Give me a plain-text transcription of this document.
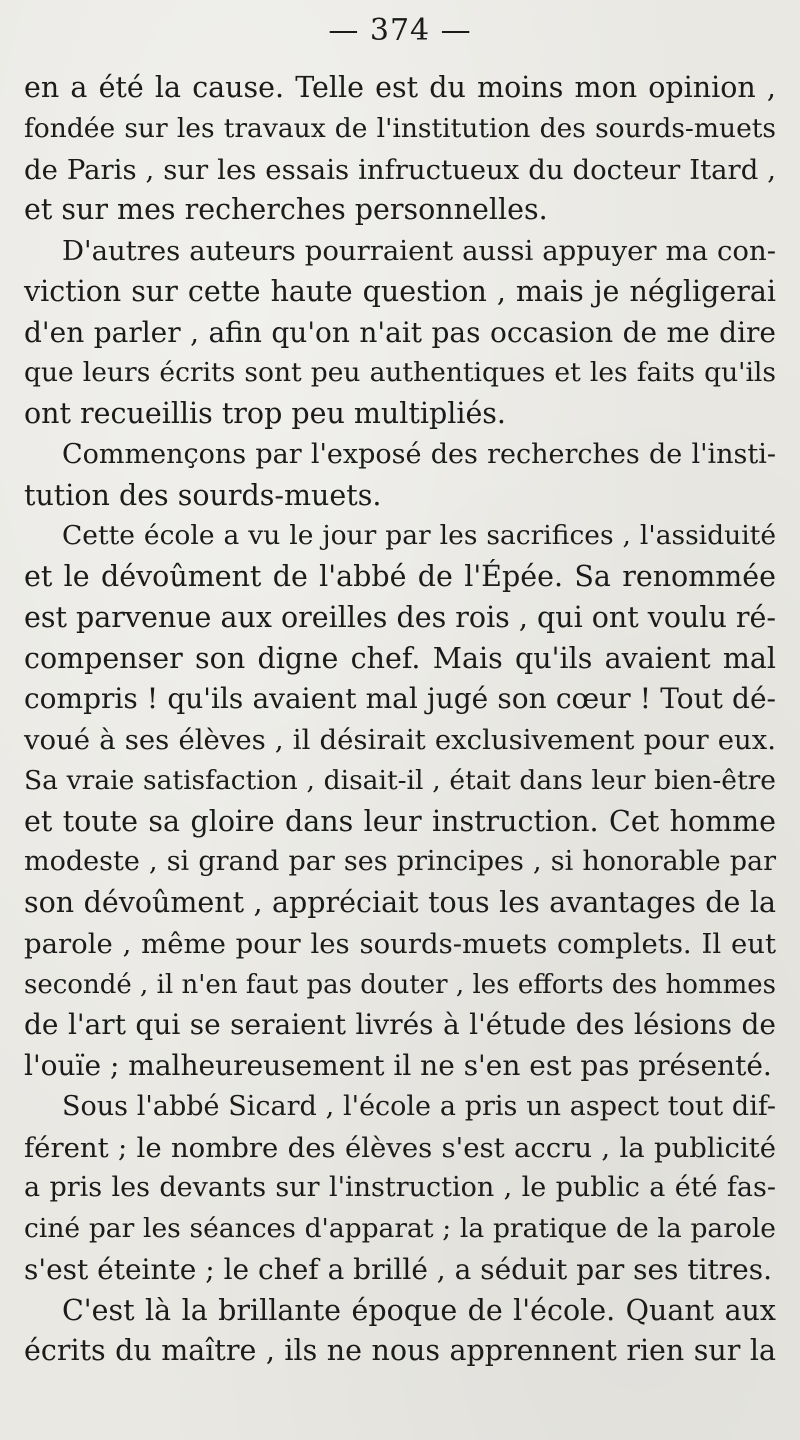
— 374 —
en a été la cause. Telle est du moins mon opinion ,
fondée sur les travaux de l'institution des sourds-muets
de Paris , sur les essais infructueux du docteur Itard ,
et sur mes recherches personnelles.
D'autres auteurs pourraient aussi appuyer ma con-
viction sur cette haute question , mais je négligerai
d'en parler , afin qu'on n'ait pas occasion de me dire
que leurs écrits sont peu authentiques et les faits qu'ils
ont recueillis trop peu multipliés.
Commençons par l'exposé des recherches de l'insti-
tution des sourds-muets.
Cette école a vu le jour par les sacrifices , l'assiduité
et le dévoûment de l'abbé de l'Épée. Sa renommée
est parvenue aux oreilles des rois , qui ont voulu ré-
compenser son digne chef. Mais qu'ils avaient mal
compris ! qu'ils avaient mal jugé son cœur ! Tout dé-
voué à ses élèves , il désirait exclusivement pour eux.
Sa vraie satisfaction , disait-il , était dans leur bien-être
et toute sa gloire dans leur instruction. Cet homme
modeste , si grand par ses principes , si honorable par
son dévoûment , appréciait tous les avantages de la
parole , même pour les sourds-muets complets. Il eut
secondé , il n'en faut pas douter , les efforts des hommes
de l'art qui se seraient livrés à l'étude des lésions de
l'ouïe ; malheureusement il ne s'en est pas présenté.
Sous l'abbé Sicard , l'école a pris un aspect tout dif-
férent ; le nombre des élèves s'est accru , la publicité
a pris les devants sur l'instruction , le public a été fas-
ciné par les séances d'apparat ; la pratique de la parole
s'est éteinte ; le chef a brillé , a séduit par ses titres.
C'est là la brillante époque de l'école. Quant aux
écrits du maître , ils ne nous apprennent rien sur la
